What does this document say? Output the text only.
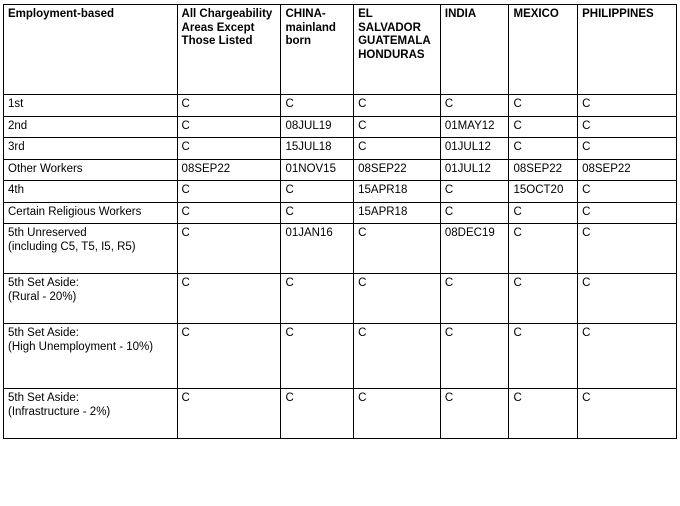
Employment-based	All Chargeability Areas Except Those Listed	CHINA-mainland born	EL SALVADOR GUATEMALA HONDURAS	INDIA	MEXICO	PHILIPPINES

1st	C	C	C	C	C	C

2nd	C	08JUL19	C	01MAY12	C	C

3rd	C	15JUL18	C	01JUL12	C	C

Other Workers	08SEP22	01NOV15	08SEP22	01JUL12	08SEP22	08SEP22

4th	C	C	15APR18	C	15OCT20	C

Certain Religious Workers	C	C	15APR18	C	C	C

5th Unreserved
(including C5, T5, I5, R5)	C	01JAN16	C	08DEC19	C	C

5th Set Aside:
(Rural - 20%)	C	C	C	C	C	C

5th Set Aside:
(High Unemployment - 10%)	C	C	C	C	C	C

5th Set Aside:
(Infrastructure - 2%)	C	C	C	C	C	C
